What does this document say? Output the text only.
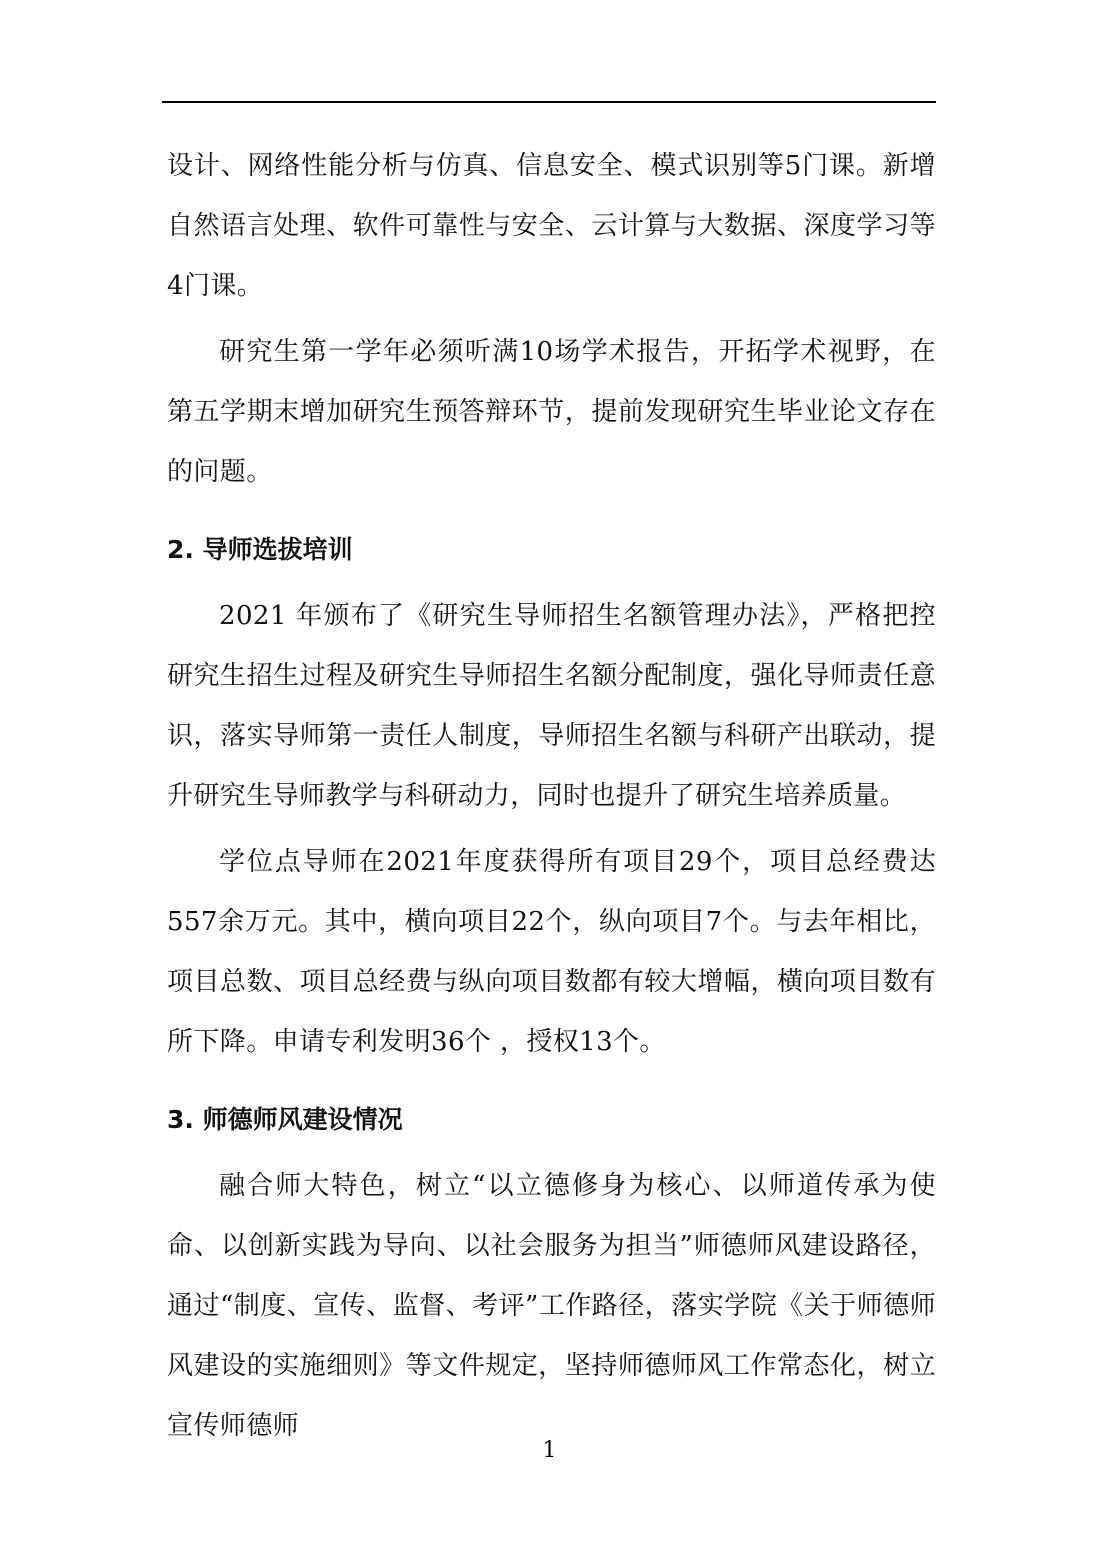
设计、网络性能分析与仿真、信息安全、模式识别等5门课。新增自然语言处理、软件可靠性与安全、云计算与大数据、深度学习等4门课。

研究生第一学年必须听满10场学术报告，开拓学术视野，在第五学期末增加研究生预答辩环节，提前发现研究生毕业论文存在的问题。

2. 导师选拔培训

2021 年颁布了《研究生导师招生名额管理办法》，严格把控研究生招生过程及研究生导师招生名额分配制度，强化导师责任意识，落实导师第一责任人制度，导师招生名额与科研产出联动，提升研究生导师教学与科研动力，同时也提升了研究生培养质量。

学位点导师在2021年度获得所有项目29个，项目总经费达557余万元。其中，横向项目22个，纵向项目7个。与去年相比，项目总数、项目总经费与纵向项目数都有较大增幅，横向项目数有所下降。申请专利发明36个 ，授权13个。

3. 师德师风建设情况

融合师大特色，树立“以立德修身为核心、以师道传承为使命、以创新实践为导向、以社会服务为担当”师德师风建设路径，通过“制度、宣传、监督、考评”工作路径，落实学院《关于师德师风建设的实施细则》等文件规定，坚持师德师风工作常态化，树立宣传师德师

1
